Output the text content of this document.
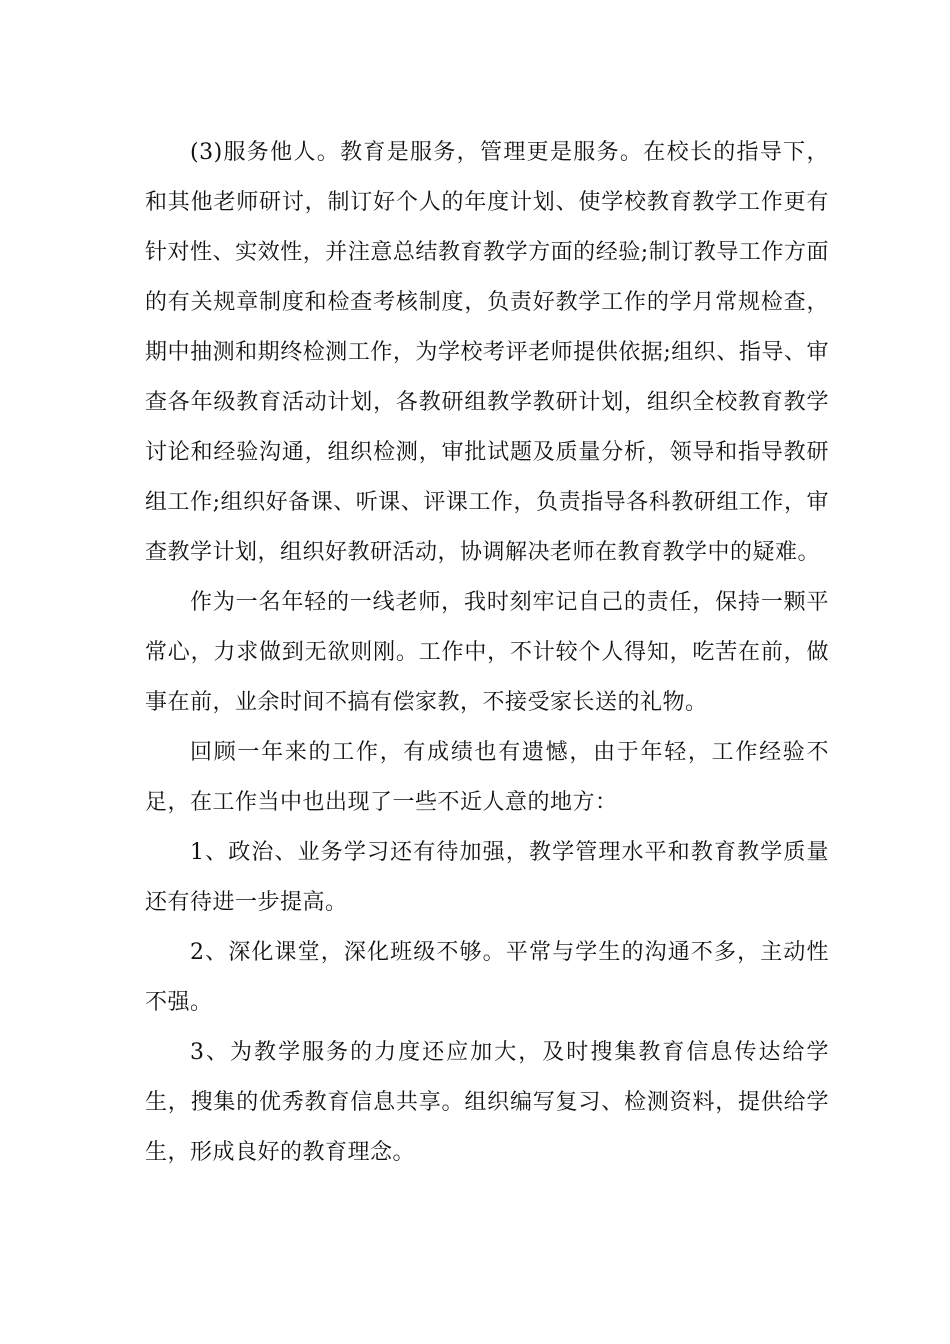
(3)服务他人。教育是服务，管理更是服务。在校长的指导下，和其他老师研讨，制订好个人的年度计划、使学校教育教学工作更有针对性、实效性，并注意总结教育教学方面的经验;制订教导工作方面的有关规章制度和检查考核制度，负责好教学工作的学月常规检查，期中抽测和期终检测工作，为学校考评老师提供依据;组织、指导、审查各年级教育活动计划，各教研组教学教研计划，组织全校教育教学讨论和经验沟通，组织检测，审批试题及质量分析，领导和指导教研组工作;组织好备课、听课、评课工作，负责指导各科教研组工作，审查教学计划，组织好教研活动，协调解决老师在教育教学中的疑难。

作为一名年轻的一线老师，我时刻牢记自己的责任，保持一颗平常心，力求做到无欲则刚。工作中，不计较个人得知，吃苦在前，做事在前，业余时间不搞有偿家教，不接受家长送的礼物。

回顾一年来的工作，有成绩也有遗憾，由于年轻，工作经验不足，在工作当中也出现了一些不近人意的地方：

1、政治、业务学习还有待加强，教学管理水平和教育教学质量还有待进一步提高。

2、深化课堂，深化班级不够。平常与学生的沟通不多，主动性不强。

3、为教学服务的力度还应加大，及时搜集教育信息传达给学生，搜集的优秀教育信息共享。组织编写复习、检测资料，提供给学生，形成良好的教育理念。
